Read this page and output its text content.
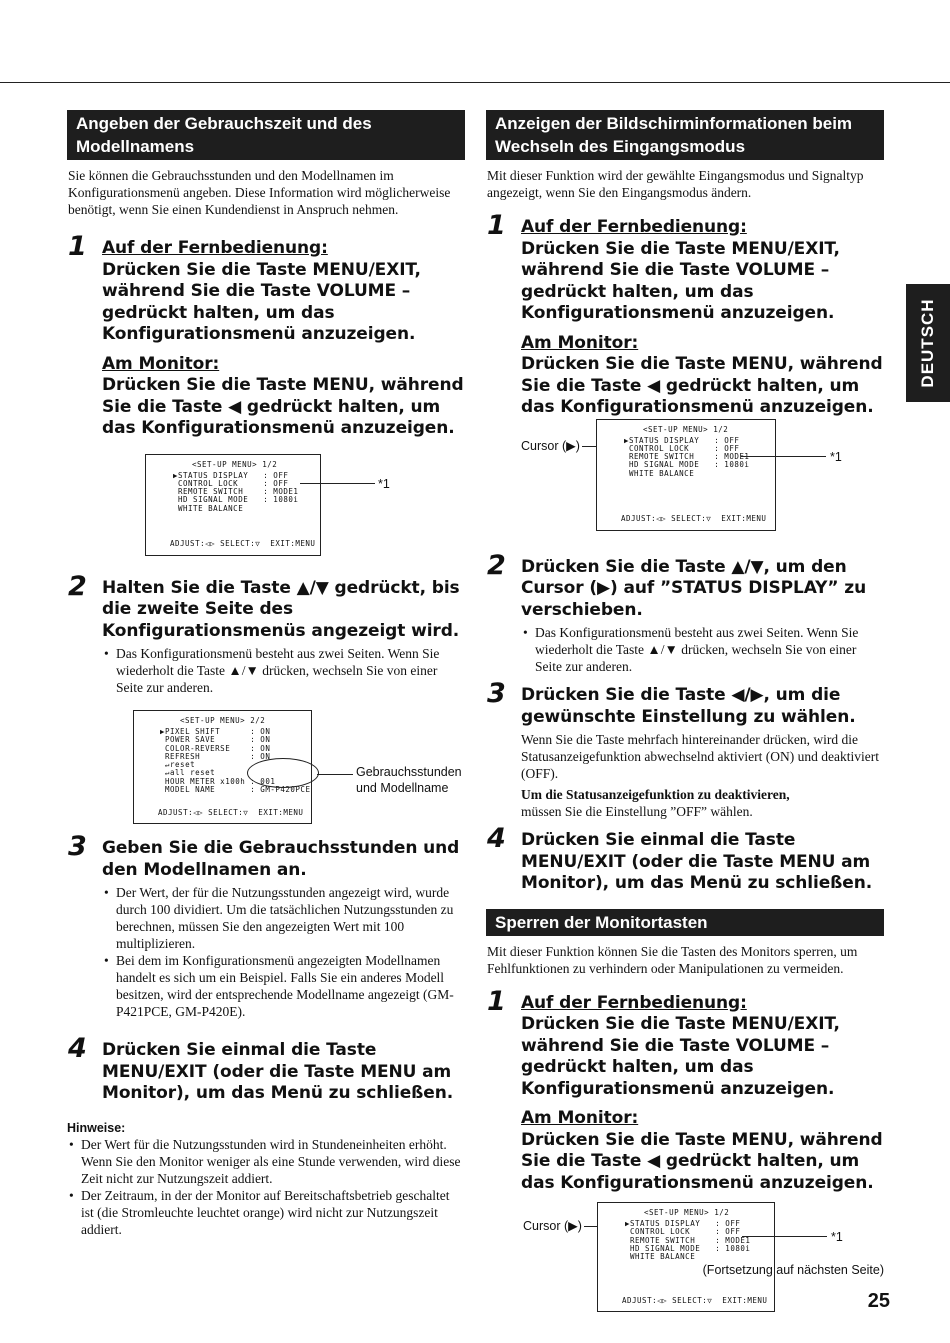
DEUTSCH
Angeben der Gebrauchszeit und des Modellnamens
Sie können die Gebrauchsstunden und den Modellnamen im Konfigurationsmenü angeben. Diese Information wird möglicherweise benötigt, wenn Sie einen Kundendienst in Anspruch nehmen.
1 Auf der Fernbedienung:
Drücken Sie die Taste MENU/EXIT, während Sie die Taste VOLUME – gedrückt halten, um das Konfigurationsmenü anzuzeigen.
Am Monitor:
Drücken Sie die Taste MENU, während Sie die Taste ◀ gedrückt halten, um das Konfigurationsmenü anzuzeigen.
<SET-UP MENU> 1/2
▶STATUS DISPLAY   : OFF
CONTROL LOCK     : OFF
REMOTE SWITCH    : MODE1
HD SIGNAL MODE   : 1080i
WHITE BALANCE
ADJUST:◁▷ SELECT:▽  EXIT:MENU
*1
2 Halten Sie die Taste ▲/▼ gedrückt, bis die zweite Seite des Konfigurationsmenüs angezeigt wird.
• Das Konfigurationsmenü besteht aus zwei Seiten. Wenn Sie wiederholt die Taste ▲/▼ drücken, wechseln Sie von einer Seite zur anderen.
<SET-UP MENU> 2/2
▶PIXEL SHIFT      : ON
POWER SAVE       : ON
COLOR-REVERSE    : ON
REFRESH          : ON
↵reset
↵all reset
HOUR METER x100h : 001
MODEL NAME       : GM-P420PCE
ADJUST:◁▷ SELECT:▽  EXIT:MENU
Gebrauchsstunden und Modellname
3 Geben Sie die Gebrauchsstunden und den Modellnamen an.
• Der Wert, der für die Nutzungsstunden angezeigt wird, wurde durch 100 dividiert. Um die tatsächlichen Nutzungsstunden zu berechnen, müssen Sie den angezeigten Wert mit 100 multiplizieren.
• Bei dem im Konfigurationsmenü angezeigten Modellnamen handelt es sich um ein Beispiel. Falls Sie ein anderes Modell besitzen, wird der entsprechende Modellname angezeigt (GM-P421PCE, GM-P420E).
4 Drücken Sie einmal die Taste MENU/EXIT (oder die Taste MENU am Monitor), um das Menü zu schließen.
Hinweise:
• Der Wert für die Nutzungsstunden wird in Stundeneinheiten erhöht. Wenn Sie den Monitor weniger als eine Stunde verwenden, wird diese Zeit nicht zur Nutzungszeit addiert.
• Der Zeitraum, in der der Monitor auf Bereitschaftsbetrieb geschaltet ist (die Stromleuchte leuchtet orange) wird nicht zur Nutzungszeit addiert.
Anzeigen der Bildschirminformationen beim Wechseln des Eingangsmodus
Mit dieser Funktion wird der gewählte Eingangsmodus und Signaltyp angezeigt, wenn Sie den Eingangsmodus ändern.
1 Auf der Fernbedienung:
Drücken Sie die Taste MENU/EXIT, während Sie die Taste VOLUME – gedrückt halten, um das Konfigurationsmenü anzuzeigen.
Am Monitor:
Drücken Sie die Taste MENU, während Sie die Taste ◀ gedrückt halten, um das Konfigurationsmenü anzuzeigen.
Cursor (▶)
<SET-UP MENU> 1/2
▶STATUS DISPLAY   : OFF
CONTROL LOCK     : OFF
REMOTE SWITCH    : MODE1
HD SIGNAL MODE   : 1080i
WHITE BALANCE
ADJUST:◁▷ SELECT:▽  EXIT:MENU
*1
2 Drücken Sie die Taste ▲/▼, um den Cursor (▶) auf ”STATUS DISPLAY” zu verschieben.
• Das Konfigurationsmenü besteht aus zwei Seiten. Wenn Sie wiederholt die Taste ▲/▼ drücken, wechseln Sie von einer Seite zur anderen.
3 Drücken Sie die Taste ◀/▶, um die gewünschte Einstellung zu wählen.
Wenn Sie die Taste mehrfach hintereinander drücken, wird die Statusanzeigefunktion abwechselnd aktiviert (ON) und deaktiviert (OFF).
Um die Statusanzeigefunktion zu deaktivieren,
müssen Sie die Einstellung ”OFF” wählen.
4 Drücken Sie einmal die Taste MENU/EXIT (oder die Taste MENU am Monitor), um das Menü zu schließen.
Sperren der Monitortasten
Mit dieser Funktion können Sie die Tasten des Monitors sperren, um Fehlfunktionen zu verhindern oder Manipulationen zu vermeiden.
1 Auf der Fernbedienung:
Drücken Sie die Taste MENU/EXIT, während Sie die Taste VOLUME – gedrückt halten, um das Konfigurationsmenü anzuzeigen.
Am Monitor:
Drücken Sie die Taste MENU, während Sie die Taste ◀ gedrückt halten, um das Konfigurationsmenü anzuzeigen.
Cursor (▶)
<SET-UP MENU> 1/2
▶STATUS DISPLAY   : OFF
CONTROL LOCK     : OFF
REMOTE SWITCH    : MODE1
HD SIGNAL MODE   : 1080i
WHITE BALANCE
ADJUST:◁▷ SELECT:▽  EXIT:MENU
*1
(Fortsetzung auf nächsten Seite)
25
